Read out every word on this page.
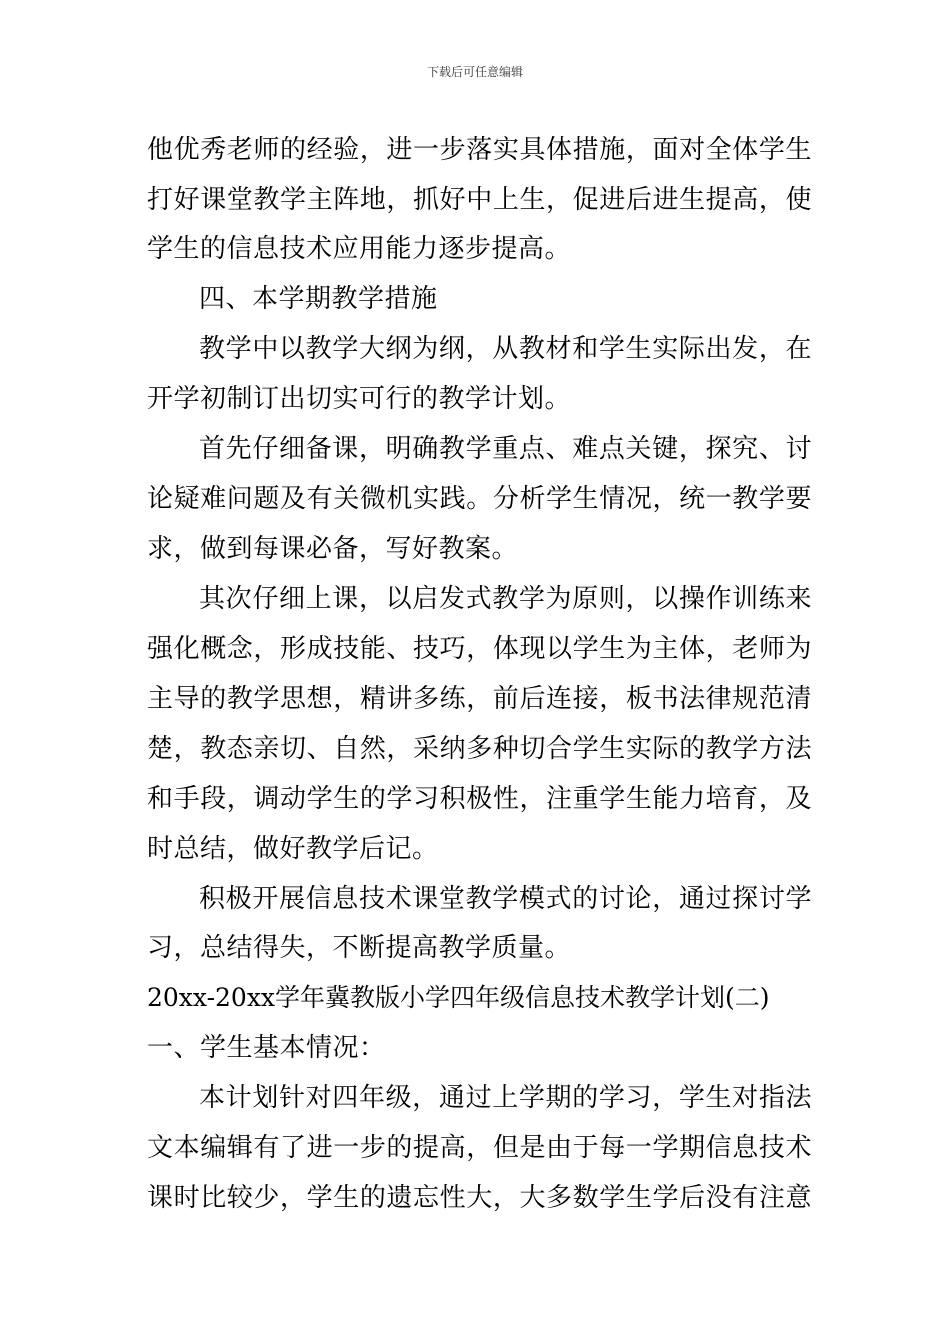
下载后可任意编辑
他优秀老师的经验，进一步落实具体措施，面对全体学生
打好课堂教学主阵地，抓好中上生，促进后进生提高，使
学生的信息技术应用能力逐步提高。
四、本学期教学措施
教学中以教学大纲为纲，从教材和学生实际出发，在
开学初制订出切实可行的教学计划。
首先仔细备课，明确教学重点、难点关键，探究、讨
论疑难问题及有关微机实践。分析学生情况，统一教学要
求，做到每课必备，写好教案。
其次仔细上课，以启发式教学为原则，以操作训练来
强化概念，形成技能、技巧，体现以学生为主体，老师为
主导的教学思想，精讲多练，前后连接，板书法律规范清
楚，教态亲切、自然，采纳多种切合学生实际的教学方法
和手段，调动学生的学习积极性，注重学生能力培育，及
时总结，做好教学后记。
积极开展信息技术课堂教学模式的讨论，通过探讨学
习，总结得失，不断提高教学质量。
20xx-20xx学年冀教版小学四年级信息技术教学计划(二)
一、学生基本情况：
本计划针对四年级，通过上学期的学习，学生对指法
文本编辑有了进一步的提高，但是由于每一学期信息技术
课时比较少，学生的遗忘性大，大多数学生学后没有注意
